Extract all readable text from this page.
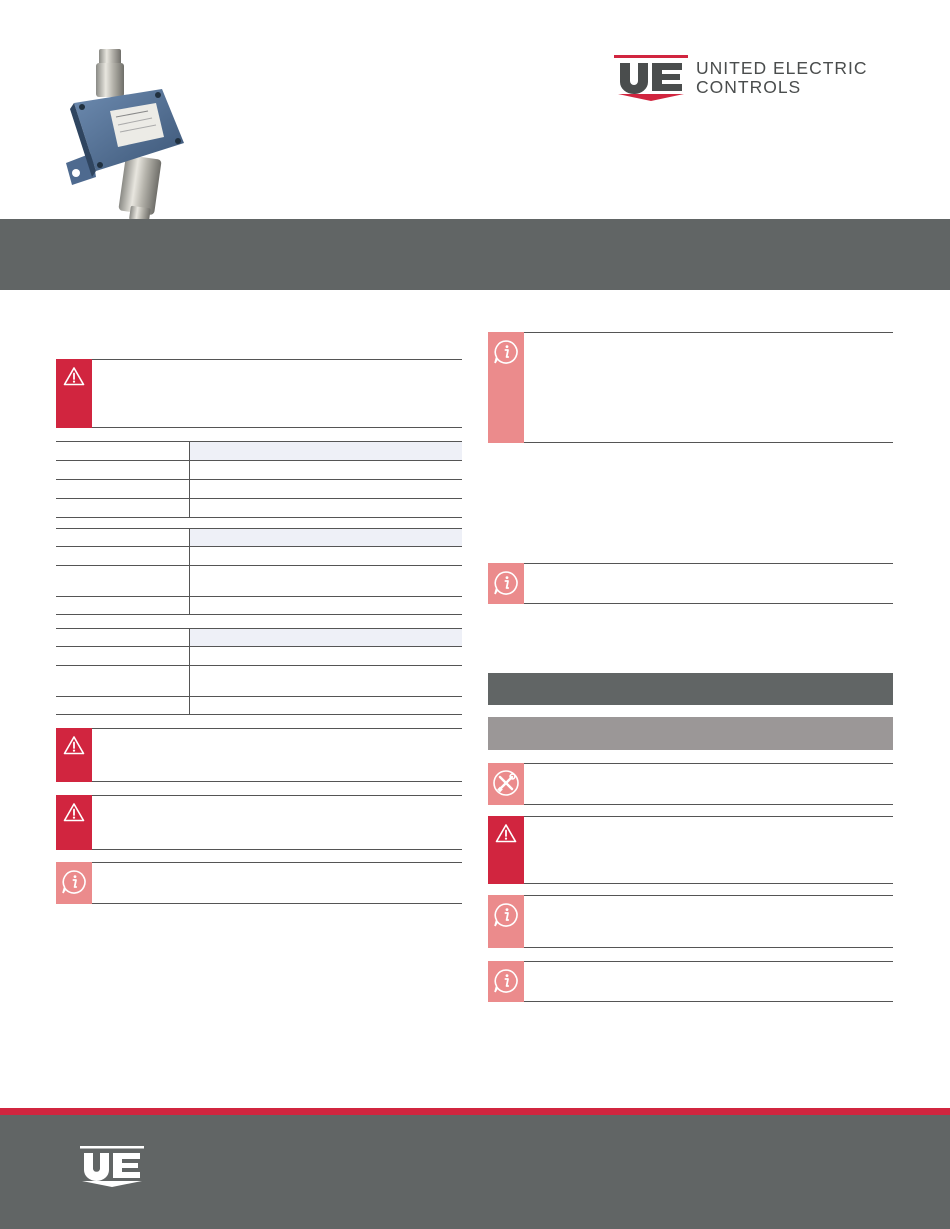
UNITED ELECTRIC
CONTROLS
